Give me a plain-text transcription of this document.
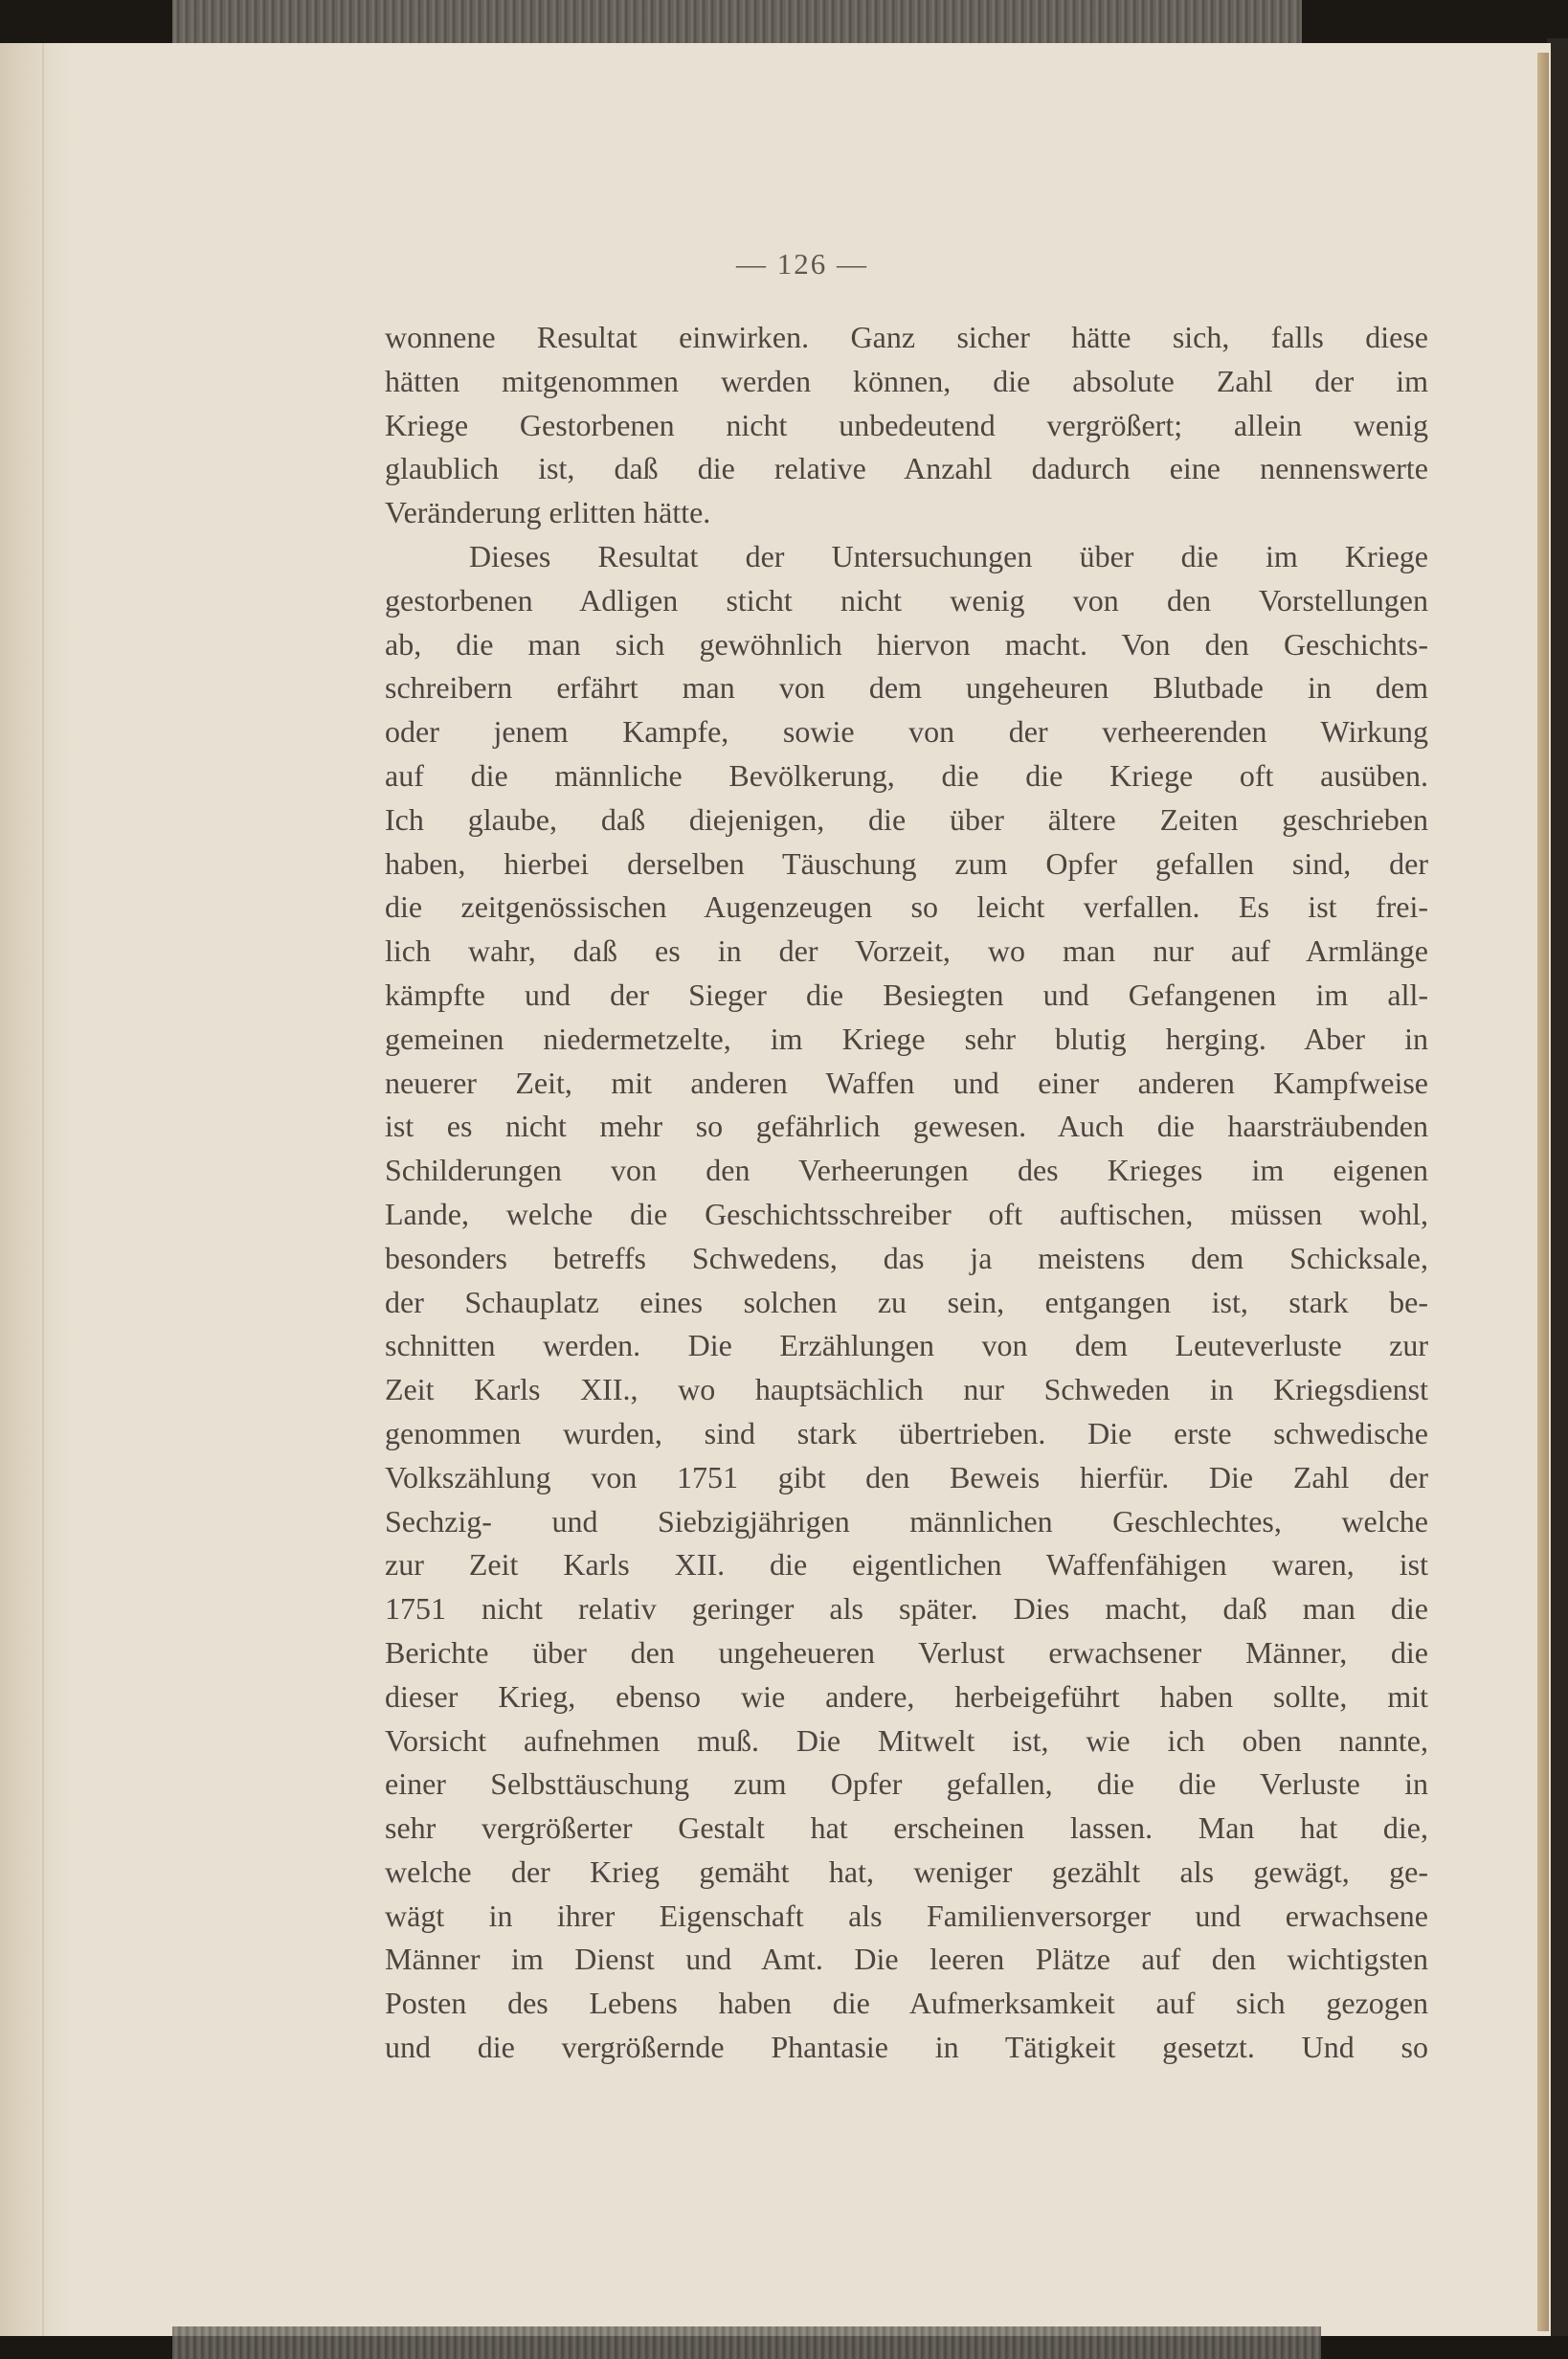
— 126 —
wonnene Resultat einwirken. Ganz sicher hätte sich, falls diese
hätten mitgenommen werden können, die absolute Zahl der im
Kriege Gestorbenen nicht unbedeutend vergrößert; allein wenig
glaublich ist, daß die relative Anzahl dadurch eine nennenswerte
Veränderung erlitten hätte.
Dieses Resultat der Untersuchungen über die im Kriege
gestorbenen Adligen sticht nicht wenig von den Vorstellungen
ab, die man sich gewöhnlich hiervon macht. Von den Geschichts-
schreibern erfährt man von dem ungeheuren Blutbade in dem
oder jenem Kampfe, sowie von der verheerenden Wirkung
auf die männliche Bevölkerung, die die Kriege oft ausüben.
Ich glaube, daß diejenigen, die über ältere Zeiten geschrieben
haben, hierbei derselben Täuschung zum Opfer gefallen sind, der
die zeitgenössischen Augenzeugen so leicht verfallen. Es ist frei-
lich wahr, daß es in der Vorzeit, wo man nur auf Armlänge
kämpfte und der Sieger die Besiegten und Gefangenen im all-
gemeinen niedermetzelte, im Kriege sehr blutig herging. Aber in
neuerer Zeit, mit anderen Waffen und einer anderen Kampfweise
ist es nicht mehr so gefährlich gewesen. Auch die haarsträubenden
Schilderungen von den Verheerungen des Krieges im eigenen
Lande, welche die Geschichtsschreiber oft auftischen, müssen wohl,
besonders betreffs Schwedens, das ja meistens dem Schicksale,
der Schauplatz eines solchen zu sein, entgangen ist, stark be-
schnitten werden. Die Erzählungen von dem Leuteverluste zur
Zeit Karls XII., wo hauptsächlich nur Schweden in Kriegsdienst
genommen wurden, sind stark übertrieben. Die erste schwedische
Volkszählung von 1751 gibt den Beweis hierfür. Die Zahl der
Sechzig- und Siebzigjährigen männlichen Geschlechtes, welche
zur Zeit Karls XII. die eigentlichen Waffenfähigen waren, ist
1751 nicht relativ geringer als später. Dies macht, daß man die
Berichte über den ungeheueren Verlust erwachsener Männer, die
dieser Krieg, ebenso wie andere, herbeigeführt haben sollte, mit
Vorsicht aufnehmen muß. Die Mitwelt ist, wie ich oben nannte,
einer Selbsttäuschung zum Opfer gefallen, die die Verluste in
sehr vergrößerter Gestalt hat erscheinen lassen. Man hat die,
welche der Krieg gemäht hat, weniger gezählt als gewägt, ge-
wägt in ihrer Eigenschaft als Familienversorger und erwachsene
Männer im Dienst und Amt. Die leeren Plätze auf den wichtigsten
Posten des Lebens haben die Aufmerksamkeit auf sich gezogen
und die vergrößernde Phantasie in Tätigkeit gesetzt. Und so
